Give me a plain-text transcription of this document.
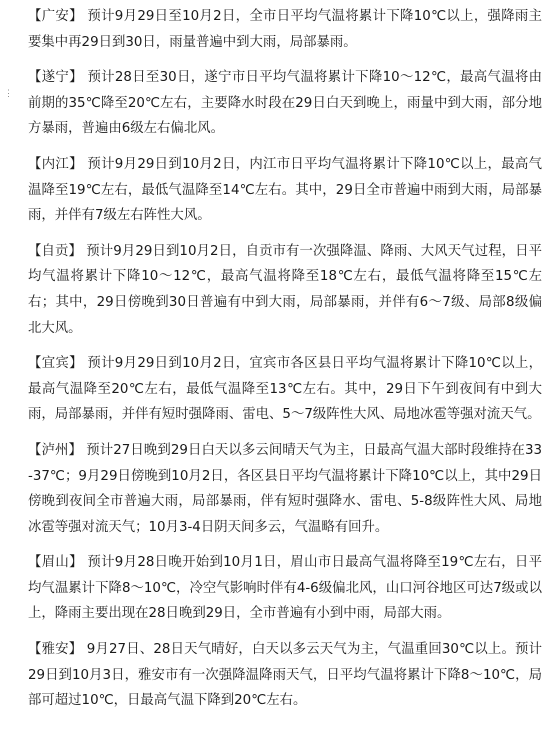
⋮

【广安】 预计9月29日至10月2日，全市日平均气温将累计下降10℃以上，强降雨主要集中再29日到30日，雨量普遍中到大雨，局部暴雨。

【遂宁】 预计28日至30日，遂宁市日平均气温将累计下降10～12℃，最高气温将由前期的35℃降至20℃左右，主要降水时段在29日白天到晚上，雨量中到大雨，部分地方暴雨，普遍由6级左右偏北风。

【内江】 预计9月29日到10月2日，内江市日平均气温将累计下降10℃以上，最高气温降至19℃左右，最低气温降至14℃左右。其中，29日全市普遍中雨到大雨，局部暴雨，并伴有7级左右阵性大风。

【自贡】 预计9月29日到10月2日，自贡市有一次强降温、降雨、大风天气过程，日平均气温将累计下降10～12℃，最高气温将降至18℃左右，最低气温将降至15℃左右；其中，29日傍晚到30日普遍有中到大雨，局部暴雨，并伴有6～7级、局部8级偏北大风。

【宜宾】 预计9月29日到10月2日，宜宾市各区县日平均气温将累计下降10℃以上，最高气温降至20℃左右，最低气温降至13℃左右。其中，29日下午到夜间有中到大雨，局部暴雨，并伴有短时强降雨、雷电、5～7级阵性大风、局地冰雹等强对流天气。

【泸州】 预计27日晚到29日白天以多云间晴天气为主，日最高气温大部时段维持在33-37℃；9月29日傍晚到10月2日，各区县日平均气温将累计下降10℃以上，其中29日傍晚到夜间全市普遍大雨，局部暴雨，伴有短时强降水、雷电、5-8级阵性大风、局地冰雹等强对流天气；10月3-4日阴天间多云，气温略有回升。

【眉山】 预计9月28日晚开始到10月1日，眉山市日最高气温将降至19℃左右，日平均气温累计下降8～10℃，冷空气影响时伴有4-6级偏北风，山口河谷地区可达7级或以上，降雨主要出现在28日晚到29日，全市普遍有小到中雨，局部大雨。

【雅安】 9月27日、28日天气晴好，白天以多云天气为主，气温重回30℃以上。预计29日到10月3日，雅安市有一次强降温降雨天气，日平均气温将累计下降8～10℃，局部可超过10℃，日最高气温下降到20℃左右。
